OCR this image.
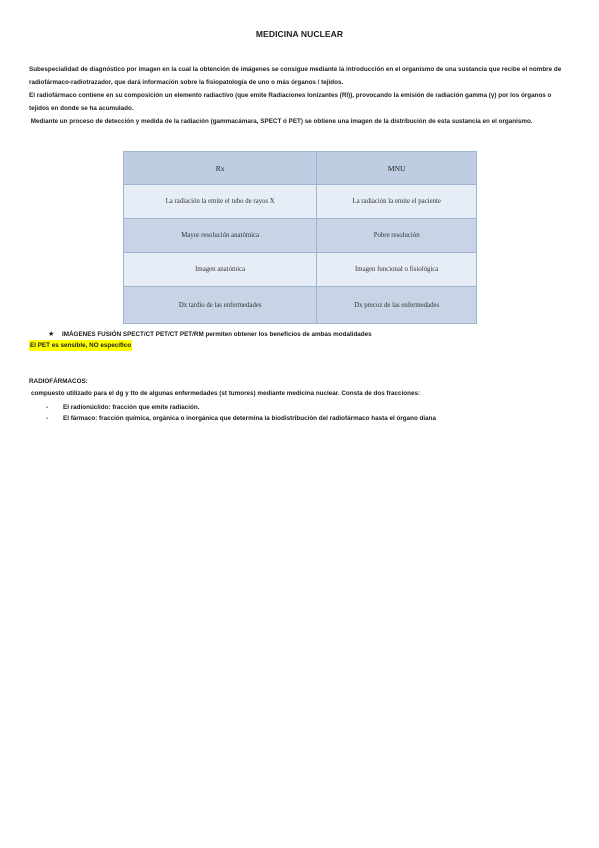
MEDICINA NUCLEAR

Subespecialidad de diagnóstico por imagen en la cual la obtención de imágenes se consigue mediante la introducción en el organismo de una sustancia que recibe el nombre de radiofármaco-radiotrazador, que dará información sobre la fisiopatología de uno o más órganos / tejidos.

El radiofármaco contiene en su composición un elemento radiactivo (que emite Radiaciones Ionizantes (RI)), provocando la emisión de radiación gamma (γ) por los órganos o tejidos en donde se ha acumulado.

Mediante un proceso de detección y medida de la radiación (gammacámara, SPECT ó PET) se obtiene una imagen de la distribución de esta sustancia en el organismo.

Rx	MNU
La radiación la emite el tubo de rayos X	La radiación la emite el paciente
Mayor resolución anatómica	Pobre resolución
Imagen anatómica	Imagen funcional o fisiológica
Dx tardío de las enfermedades	Dx precoz de las enfermedades
★ IMÁGENES FUSIÓN SPECT/CT PET/CT PET/RM permiten obtener los beneficios de ambas modalidades
El PET es sensible, NO específico
RADIOFÁRMACOS:
compuesto utilizado para el dg y tto de algunas enfermedades (st tumores) mediante medicina nuclear. Consta de dos fracciones:
- El radionúclido: fracción que emite radiación.
- El fármaco: fracción química, orgánica o inorgánica que determina la biodistribución del radiofármaco hasta el órgano diana
